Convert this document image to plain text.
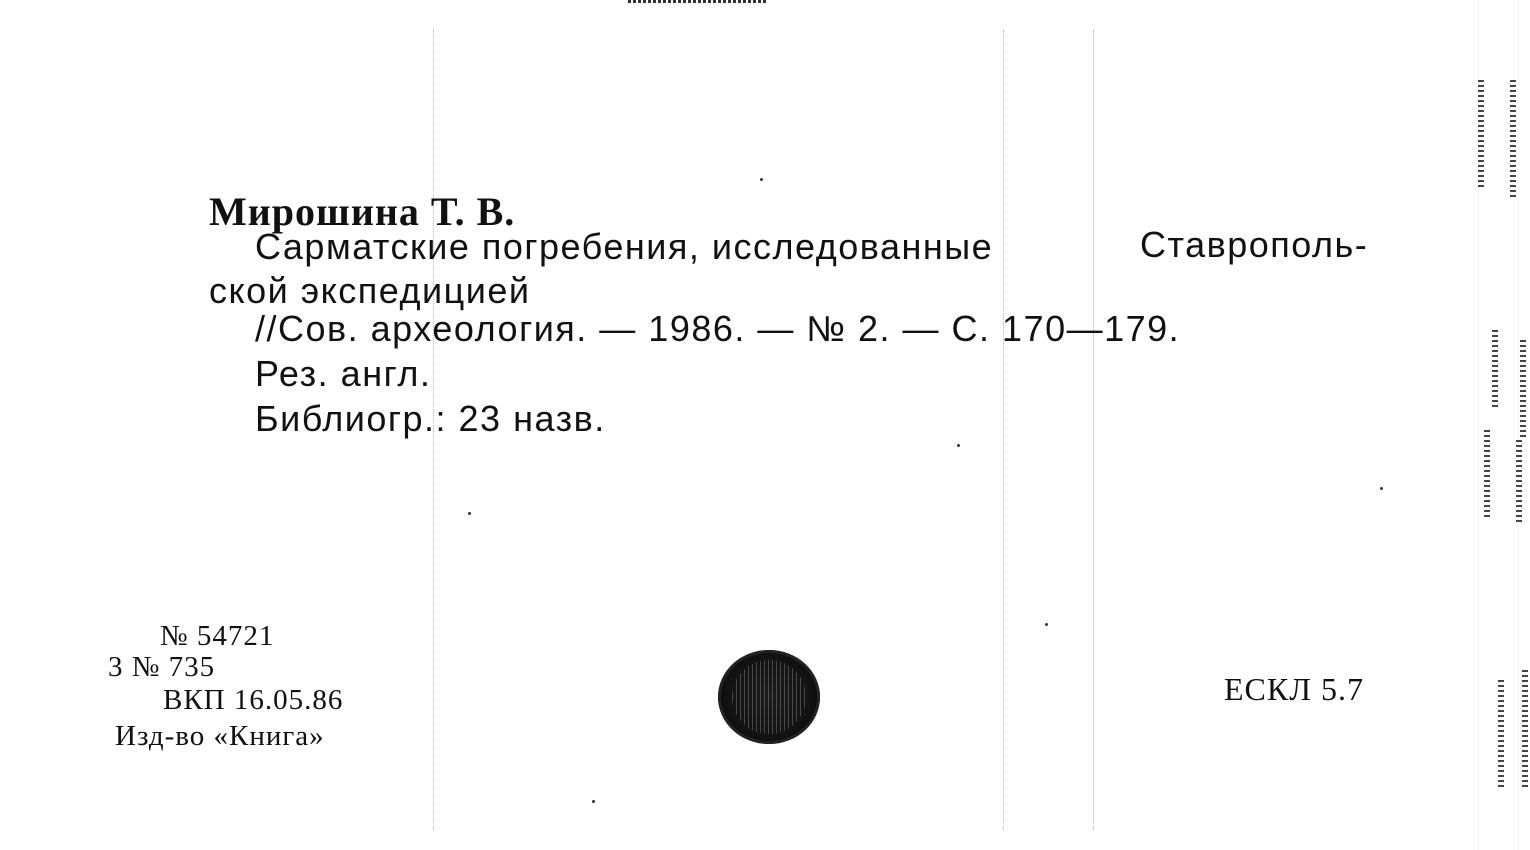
Мирошина Т. В.
Сарматские погребения, исследованные	Ставрополь-
ской экспедицией
//Сов. археология. — 1986. — № 2. — С. 170—179.
Рез. англ.
Библиогр.: 23 назв.
№ 54721
3 № 735
ВКП 16.05.86
Изд-во «Книга»
ЕСКЛ 5.7
